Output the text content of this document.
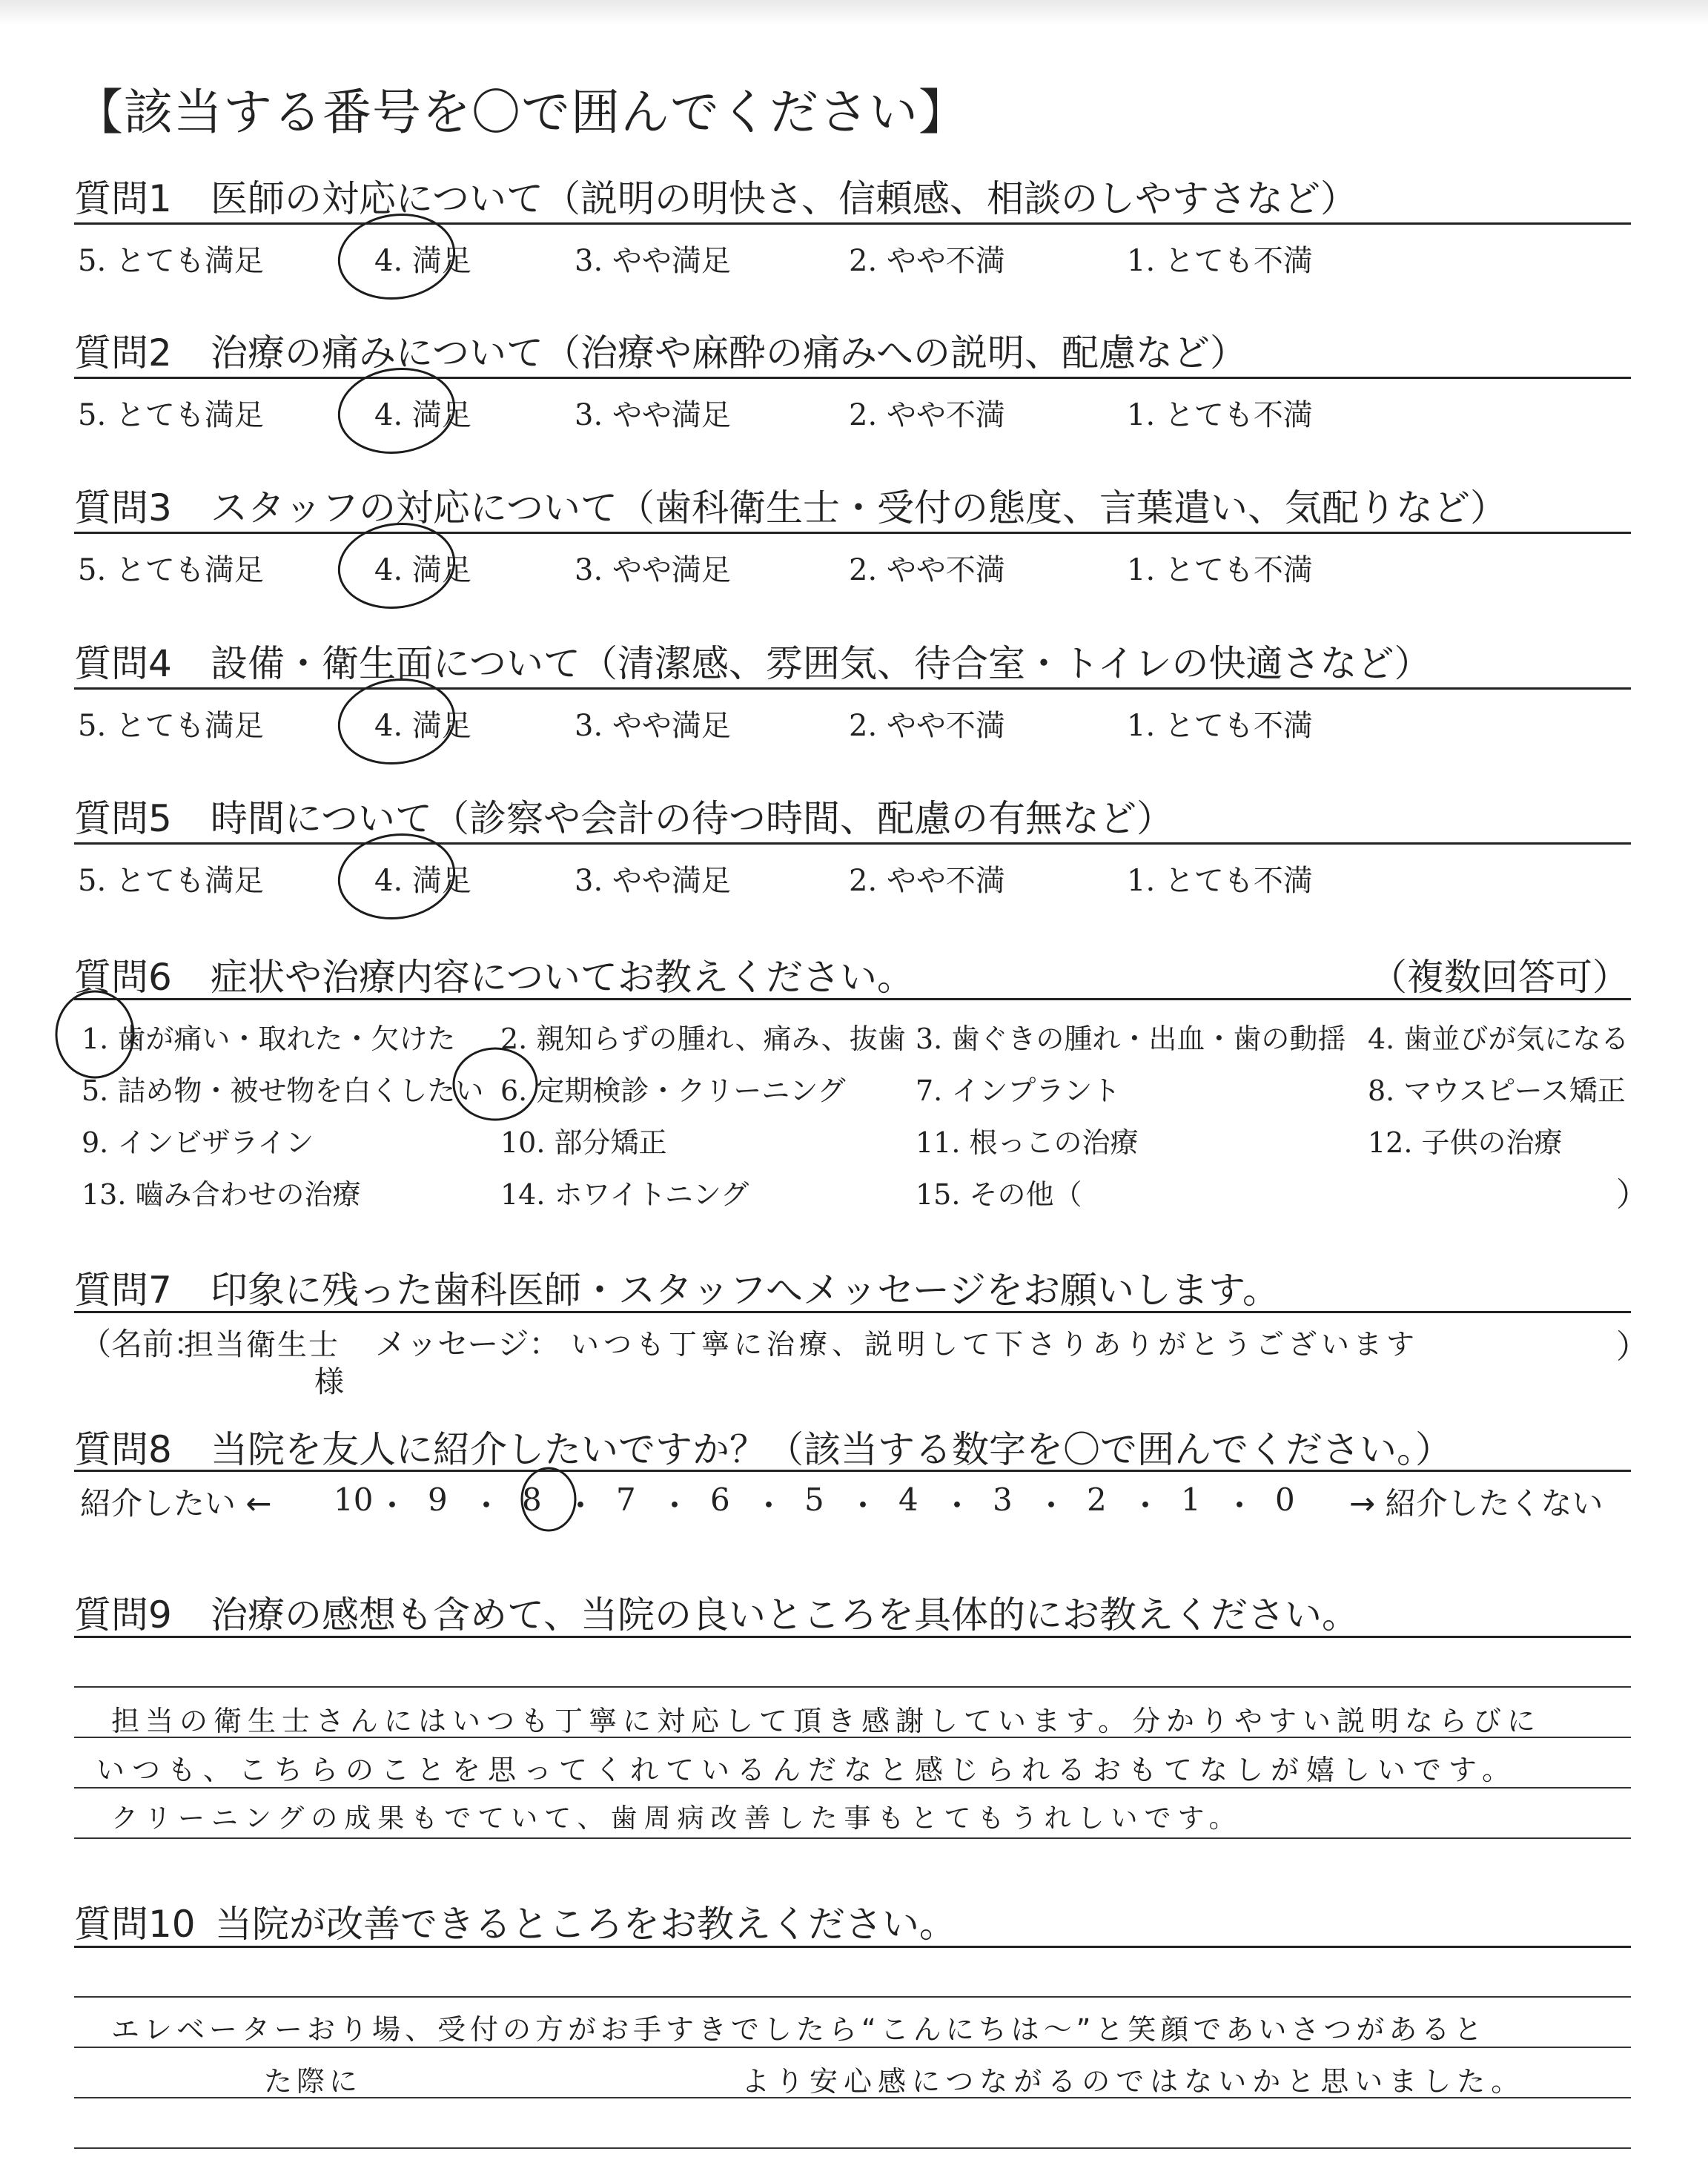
【該当する番号を〇で囲んでください】
質問1 医師の対応について（説明の明快さ、信頼感、相談のしやすさなど）
5. とても満足	4. 満足	3. やや満足	2. やや不満	1. とても不満
質問2 治療の痛みについて（治療や麻酔の痛みへの説明、配慮など）
5. とても満足	4. 満足	3. やや満足	2. やや不満	1. とても不満
質問3 スタッフの対応について（歯科衛生士・受付の態度、言葉遣い、気配りなど）
5. とても満足	4. 満足	3. やや満足	2. やや不満	1. とても不満
質問4 設備・衛生面について（清潔感、雰囲気、待合室・トイレの快適さなど）
5. とても満足	4. 満足	3. やや満足	2. やや不満	1. とても不満
質問5 時間について（診察や会計の待つ時間、配慮の有無など）
5. とても満足	4. 満足	3. やや満足	2. やや不満	1. とても不満
質問6 症状や治療内容についてお教えください。	（複数回答可）
1. 歯が痛い・取れた・欠けた 2. 親知らずの腫れ、痛み、抜歯 3. 歯ぐきの腫れ・出血・歯の動揺 4. 歯並びが気になる
5. 詰め物・被せ物を白くしたい 6. 定期検診・クリーニング 7. インプラント	8. マウスピース矯正
9. インビザライン	10. 部分矯正	11. 根っこの治療	12. 子供の治療
13. 嚙み合わせの治療	14. ホワイトニング	15. その他（	）
質問7 印象に残った歯科医師・スタッフへメッセージをお願いします。
（名前：
担当衛生士
様
メッセージ： いつも丁寧に治療、説明して下さりありがとうございます	）
質問8 当院を友人に紹介したいですか？（該当する数字を〇で囲んでください。）
紹介したい ← 10 ・ 9 ・ 8 ・ 7 ・ 6 ・ 5 ・ 4 ・ 3 ・ 2 ・ 1 ・ 0 → 紹介したくない
質問9 治療の感想も含めて、当院の良いところを具体的にお教えください。
担当の衛生士さんにはいつも丁寧に対応して頂き感謝しています。分かりやすい説明ならびに
いつも、こちらのことを思ってくれているんだなと感じられるおもてなしが嬉しいです。
クリーニングの成果もでていて、歯周病改善した事もとてもうれしいです。
質問10 当院が改善できるところをお教えください。
エレベーターおり場、受付の方がお手すきでしたら“こんにちは〜”と笑顔であいさつがあると
た際に	より安心感につながるのではないかと思いました。
